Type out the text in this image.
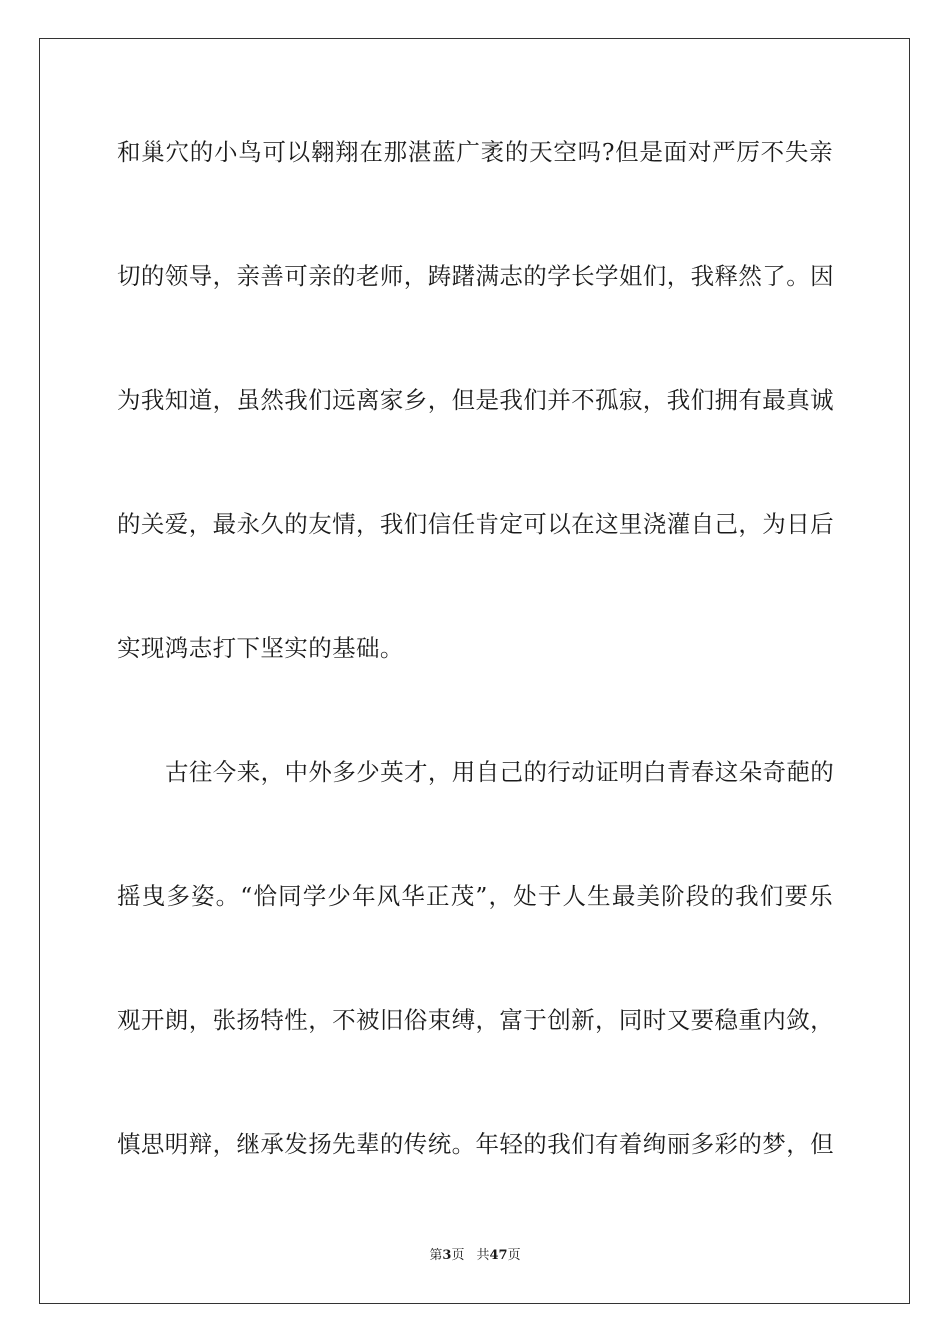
和巢穴的小鸟可以翱翔在那湛蓝广袤的天空吗?但是面对严厉不失亲
切的领导，亲善可亲的老师，踌躇满志的学长学姐们，我释然了。因
为我知道，虽然我们远离家乡，但是我们并不孤寂，我们拥有最真诚
的关爱，最永久的友情，我们信任肯定可以在这里浇灌自己，为日后
实现鸿志打下坚实的基础。
古往今来，中外多少英才，用自己的行动证明白青春这朵奇葩的
摇曳多姿。“恰同学少年风华正茂”，处于人生最美阶段的我们要乐
观开朗，张扬特性，不被旧俗束缚，富于创新，同时又要稳重内敛，
慎思明辩，继承发扬先辈的传统。年轻的我们有着绚丽多彩的梦，但
第3页 共47页
